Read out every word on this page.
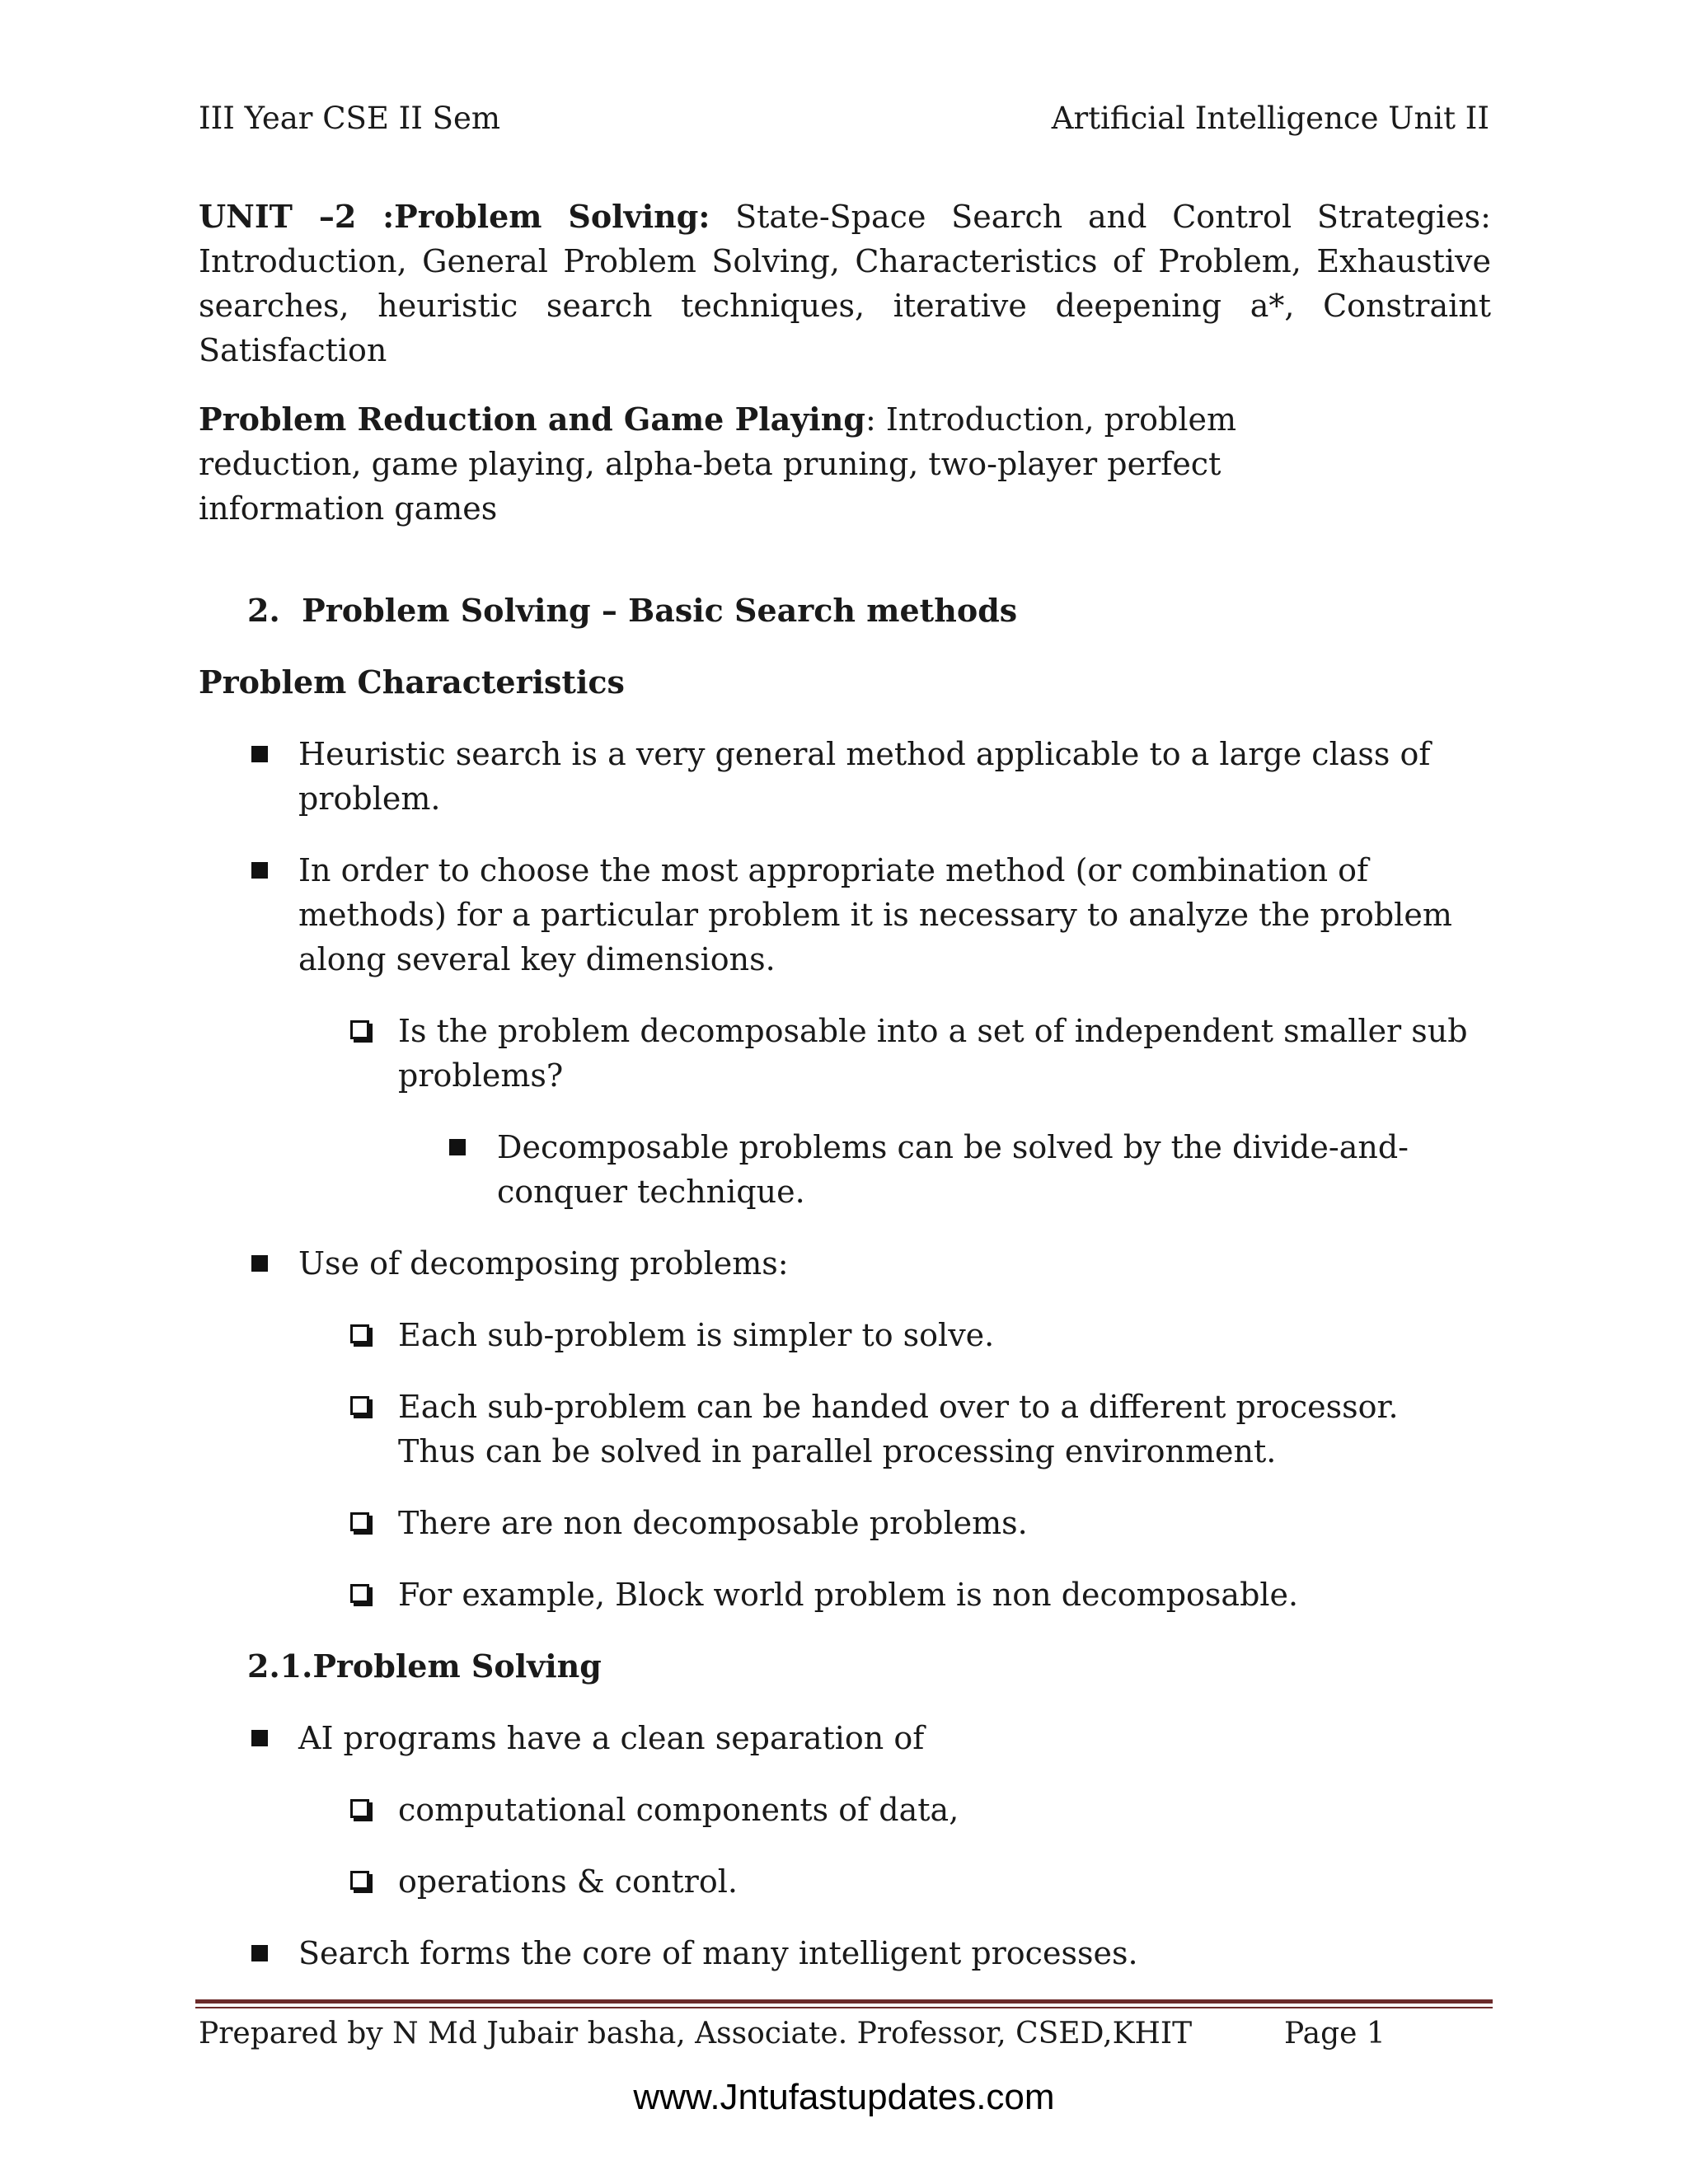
III Year CSE II Sem	Artificial Intelligence Unit II
UNIT –2 :Problem Solving: State-Space Search and Control Strategies: Introduction, General Problem Solving, Characteristics of Problem, Exhaustive searches, heuristic search techniques, iterative deepening a*, Constraint Satisfaction
Problem Reduction and Game Playing: Introduction, problem reduction, game playing, alpha-beta pruning, two-player perfect information games
2.  Problem Solving – Basic Search methods
Problem Characteristics
Heuristic search is a very general method applicable to a large class of problem.
In order to choose the most appropriate method (or combination of methods) for a particular problem it is necessary to analyze the problem along several key dimensions.
Is the problem decomposable into a set of independent smaller sub problems?
Decomposable problems can be solved by the divide-and-conquer technique.
Use of decomposing problems:
Each sub-problem is simpler to solve.
Each sub-problem can be handed over to a different processor. Thus can be solved in parallel processing environment.
There are non decomposable problems.
For example, Block world problem is non decomposable.
2.1.Problem Solving
AI programs have a clean separation of
computational components of data,
operations & control.
Search forms the core of many intelligent processes.
Prepared by N Md Jubair basha, Associate. Professor, CSED,KHIT	Page 1
www.Jntufastupdates.com
